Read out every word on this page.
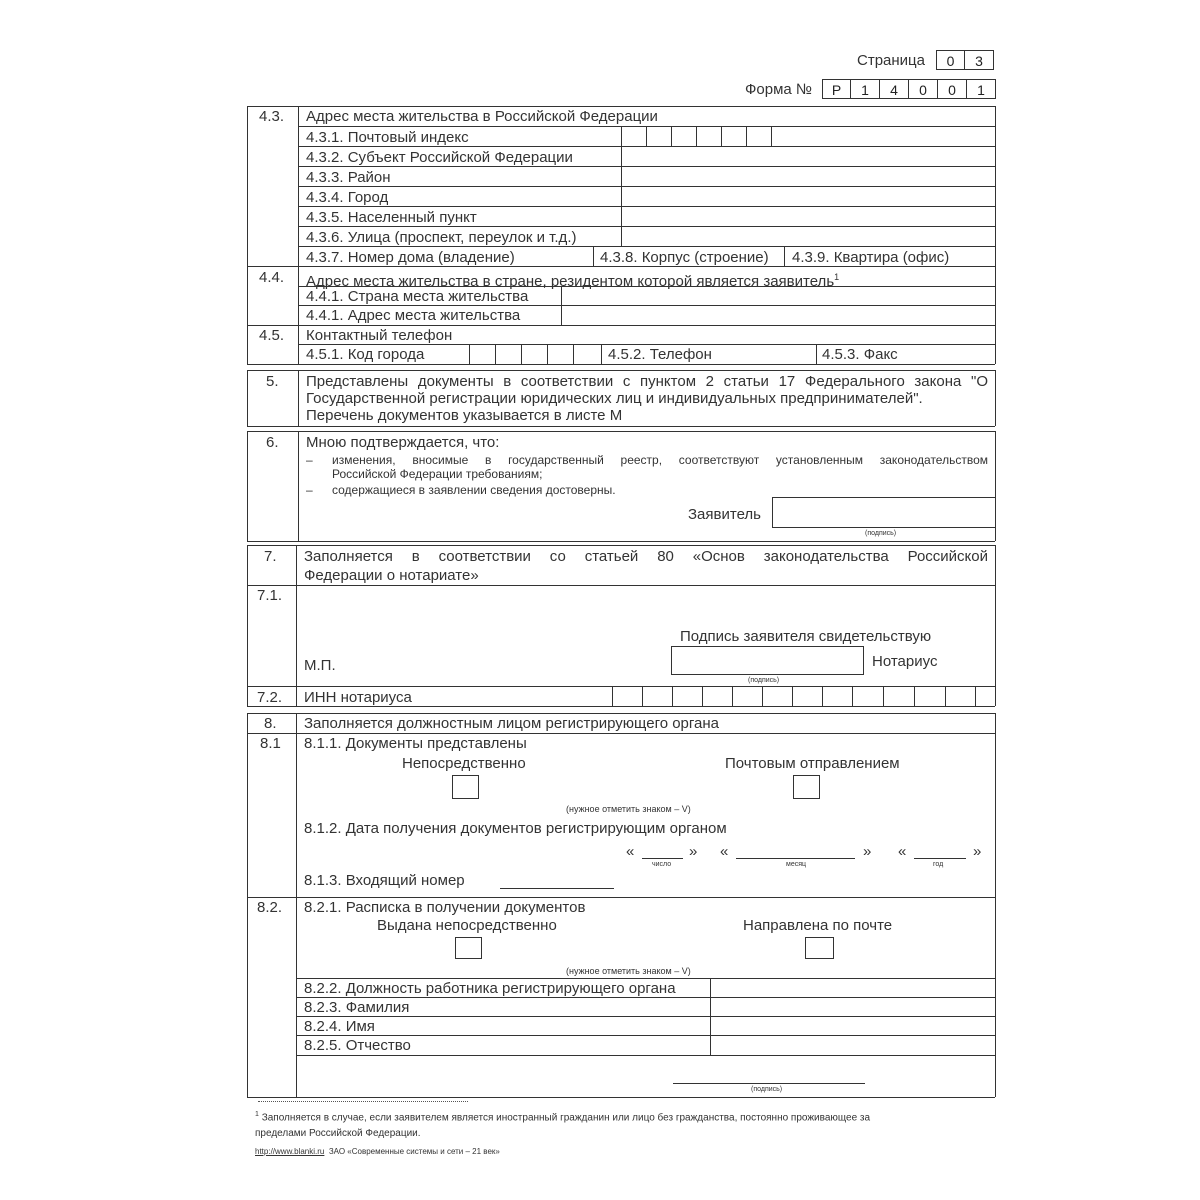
Страница	0	3
Форма №	Р	1	4	0	0	1
4.3. Адрес места жительства в Российской Федерации
4.3.1. Почтовый индекс
4.3.2. Субъект Российской Федерации
4.3.3. Район
4.3.4. Город
4.3.5. Населенный пункт
4.3.6. Улица (проспект, переулок и т.д.)
4.3.7. Номер дома (владение)	4.3.8. Корпус (строение) 4.3.9. Квартира (офис)
4.4. Адрес места жительства в стране, резидентом которой является заявитель$^1$
4.4.1. Страна места жительства
4.4.1. Адрес места жительства
4.5. Контактный телефон
4.5.1. Код города	4.5.2. Телефон	4.5.3. Факс
5. Представлены документы в соответствии с пунктом 2 статьи 17 Федерального закона "О
Государственной регистрации юридических лиц и индивидуальных предпринимателей".
Перечень документов указывается в листе М
6. Мною подтверждается, что:
– изменения, вносимые в государственный реестр, соответствуют установленным законодательством
Российской Федерации требованиям;
– содержащиеся в заявлении сведения достоверны.
Заявитель
(подпись)
7. Заполняется в соответствии со статьей 80 «Основ законодательства Российской
Федерации о нотариате»
7.1.
Подпись заявителя свидетельствую
М.П.	Нотариус
(подпись)
7.2. ИНН нотариуса
8. Заполняется должностным лицом регистрирующего органа
8.1 8.1.1. Документы представлены
Непосредственно	Почтовым отправлением
(нужное отметить знаком – V)
8.1.2. Дата получения документов регистрирующим органом
«	» «	» «	»
число	месяц	год
8.1.3. Входящий номер
8.2. 8.2.1. Расписка в получении документов
Выдана непосредственно	Направлена по почте
(нужное отметить знаком – V)
8.2.2. Должность работника регистрирующего органа
8.2.3. Фамилия
8.2.4. Имя
8.2.5. Отчество
(подпись)
$^1$ Заполняется в случае, если заявителем является иностранный гражданин или лицо без гражданства, постоянно проживающее за
пределами Российской Федерации.
http://www.blanki.ru ЗАО «Современные системы и сети – 21 век»
